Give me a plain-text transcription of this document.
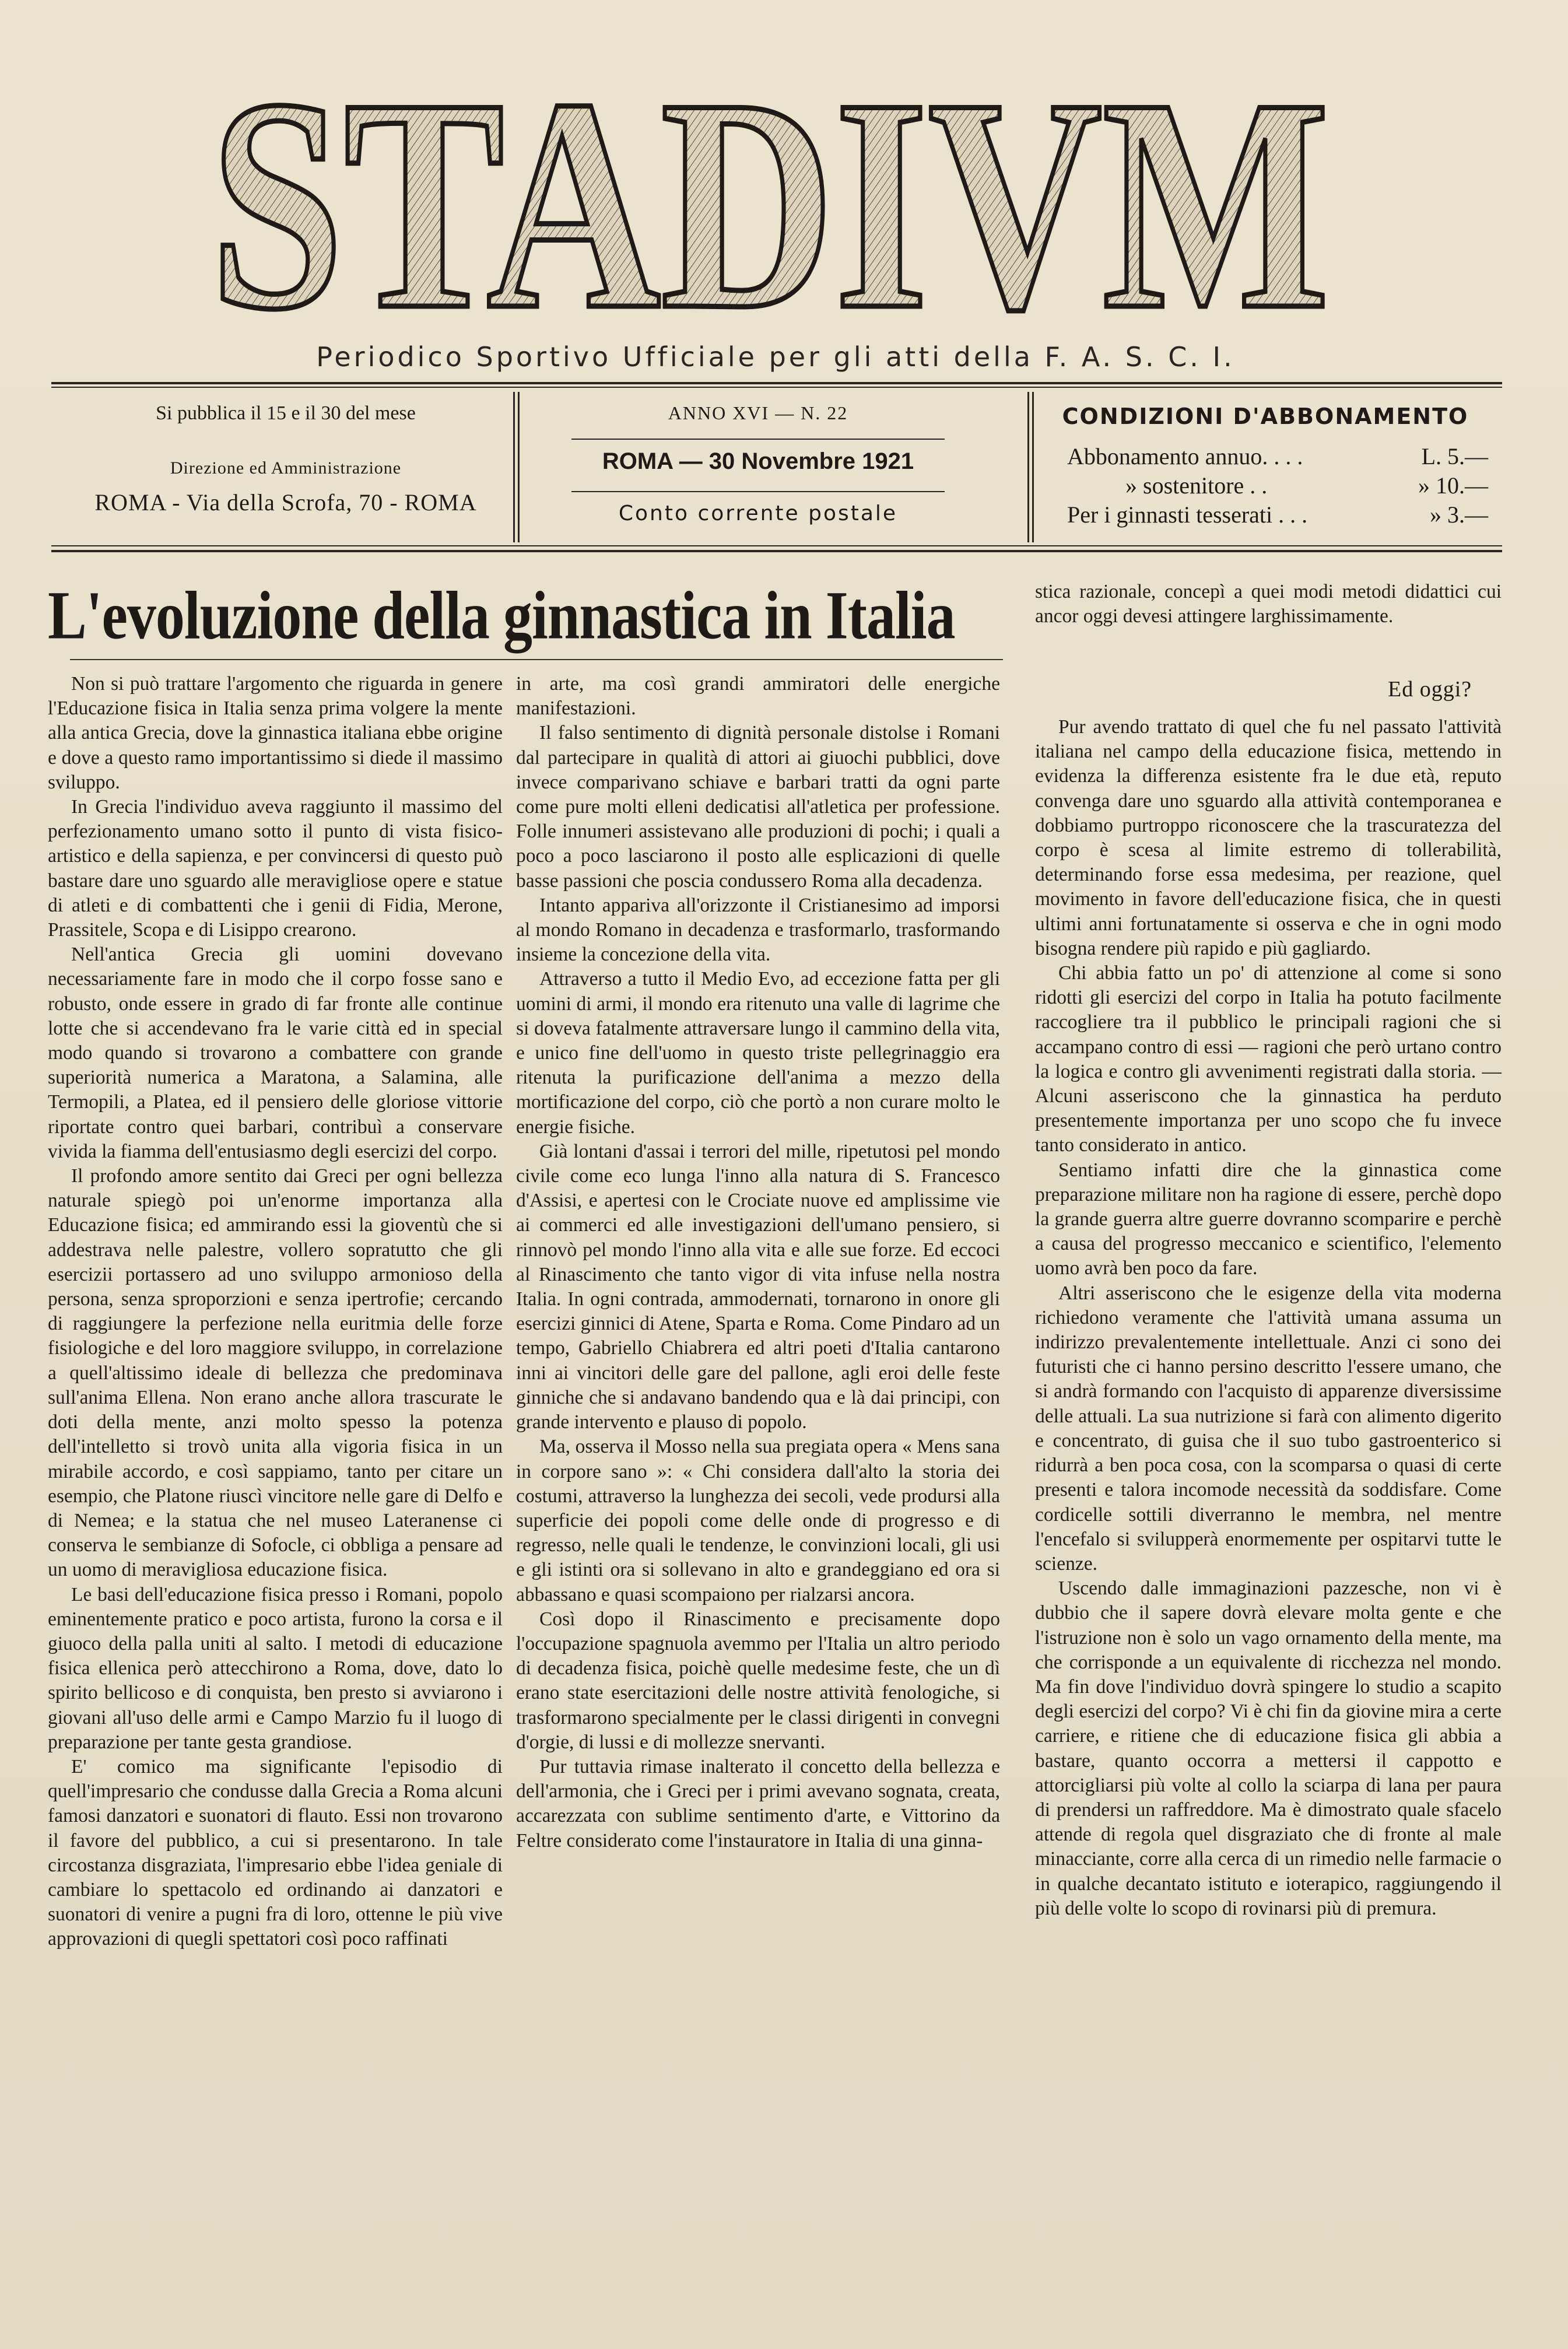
STADIVM
Periodico Sportivo Ufficiale per gli atti della F. A. S. C. I.
Si pubblica il 15 e il 30 del mese
Direzione ed Amministrazione
ROMA - Via della Scrofa, 70 - ROMA
ANNO XVI — N. 22
ROMA — 30 Novembre 1921
Conto corrente postale
CONDIZIONI D'ABBONAMENTO
Abbonamento annuo. . . .	L. 5.—
» sostenitore . .	» 10.—
Per i ginnasti tesserati . . .	» 3.—
L'evoluzione della ginnastica in Italia

Non si può trattare l'argomento che riguarda in genere l'Educazione fisica in Italia senza prima volgere la mente alla antica Grecia, dove la ginnastica italiana ebbe origine e dove a questo ramo importantissimo si diede il massimo sviluppo.

In Grecia l'individuo aveva raggiunto il massimo del perfezionamento umano sotto il punto di vista fisico-artistico e della sapienza, e per convincersi di questo può bastare dare uno sguardo alle meravigliose opere e statue di atleti e di combattenti che i genii di Fidia, Merone, Prassitele, Scopa e di Lisippo crearono.

Nell'antica Grecia gli uomini dovevano necessariamente fare in modo che il corpo fosse sano e robusto, onde essere in grado di far fronte alle continue lotte che si accendevano fra le varie città ed in special modo quando si trovarono a combattere con grande superiorità numerica a Maratona, a Salamina, alle Termopili, a Platea, ed il pensiero delle gloriose vittorie riportate contro quei barbari, contribuì a conservare vivida la fiamma dell'entusiasmo degli esercizi del corpo.

Il profondo amore sentito dai Greci per ogni bellezza naturale spiegò poi un'enorme importanza alla Educazione fisica; ed ammirando essi la gioventù che si addestrava nelle palestre, vollero sopratutto che gli esercizii portassero ad uno sviluppo armonioso della persona, senza sproporzioni e senza ipertrofie; cercando di raggiungere la perfezione nella euritmia delle forze fisiologiche e del loro maggiore sviluppo, in correlazione a quell'altissimo ideale di bellezza che predominava sull'anima Ellena. Non erano anche allora trascurate le doti della mente, anzi molto spesso la potenza dell'intelletto si trovò unita alla vigoria fisica in un mirabile accordo, e così sappiamo, tanto per citare un esempio, che Platone riuscì vincitore nelle gare di Delfo e di Nemea; e la statua che nel museo Lateranense ci conserva le sembianze di Sofocle, ci obbliga a pensare ad un uomo di meravigliosa educazione fisica.

Le basi dell'educazione fisica presso i Romani, popolo eminentemente pratico e poco artista, furono la corsa e il giuoco della palla uniti al salto. I metodi di educazione fisica ellenica però attecchirono a Roma, dove, dato lo spirito bellicoso e di conquista, ben presto si avviarono i giovani all'uso delle armi e Campo Marzio fu il luogo di preparazione per tante gesta grandiose.

E' comico ma significante l'episodio di quell'impresario che condusse dalla Grecia a Roma alcuni famosi danzatori e suonatori di flauto. Essi non trovarono il favore del pubblico, a cui si presentarono. In tale circostanza disgraziata, l'impresario ebbe l'idea geniale di cambiare lo spettacolo ed ordinando ai danzatori e suonatori di venire a pugni fra di loro, ottenne le più vive approvazioni di quegli spettatori così poco raffinati

in arte, ma così grandi ammiratori delle energiche manifestazioni.

Il falso sentimento di dignità personale distolse i Romani dal partecipare in qualità di attori ai giuochi pubblici, dove invece comparivano schiave e barbari tratti da ogni parte come pure molti elleni dedicatisi all'atletica per professione. Folle innumeri assistevano alle produzioni di pochi; i quali a poco a poco lasciarono il posto alle esplicazioni di quelle basse passioni che poscia condussero Roma alla decadenza.

Intanto appariva all'orizzonte il Cristianesimo ad imporsi al mondo Romano in decadenza e trasformarlo, trasformando insieme la concezione della vita.

Attraverso a tutto il Medio Evo, ad eccezione fatta per gli uomini di armi, il mondo era ritenuto una valle di lagrime che si doveva fatalmente attraversare lungo il cammino della vita, e unico fine dell'uomo in questo triste pellegrinaggio era ritenuta la purificazione dell'anima a mezzo della mortificazione del corpo, ciò che portò a non curare molto le energie fisiche.

Già lontani d'assai i terrori del mille, ripetutosi pel mondo civile come eco lunga l'inno alla natura di S. Francesco d'Assisi, e apertesi con le Crociate nuove ed amplissime vie ai commerci ed alle investigazioni dell'umano pensiero, si rinnovò pel mondo l'inno alla vita e alle sue forze. Ed eccoci al Rinascimento che tanto vigor di vita infuse nella nostra Italia. In ogni contrada, ammodernati, tornarono in onore gli esercizi ginnici di Atene, Sparta e Roma. Come Pindaro ad un tempo, Gabriello Chiabrera ed altri poeti d'Italia cantarono inni ai vincitori delle gare del pallone, agli eroi delle feste ginniche che si andavano bandendo qua e là dai principi, con grande intervento e plauso di popolo.

Ma, osserva il Mosso nella sua pregiata opera « Mens sana in corpore sano »: « Chi considera dall'alto la storia dei costumi, attraverso la lunghezza dei secoli, vede prodursi alla superficie dei popoli come delle onde di progresso e di regresso, nelle quali le tendenze, le convinzioni locali, gli usi e gli istinti ora si sollevano in alto e grandeggiano ed ora si abbassano e quasi scompaiono per rialzarsi ancora.

Così dopo il Rinascimento e precisamente dopo l'occupazione spagnuola avemmo per l'Italia un altro periodo di decadenza fisica, poichè quelle medesime feste, che un dì erano state esercitazioni delle nostre attività fenologiche, si trasformarono specialmente per le classi dirigenti in convegni d'orgie, di lussi e di mollezze snervanti.

Pur tuttavia rimase inalterato il concetto della bellezza e dell'armonia, che i Greci per i primi avevano sognata, creata, accarezzata con sublime sentimento d'arte, e Vittorino da Feltre considerato come l'instauratore in Italia di una ginna-

stica razionale, concepì a quei modi metodi didattici cui ancor oggi devesi attingere larghissimamente.

Ed oggi?

Pur avendo trattato di quel che fu nel passato l'attività italiana nel campo della educazione fisica, mettendo in evidenza la differenza esistente fra le due età, reputo convenga dare uno sguardo alla attività contemporanea e dobbiamo purtroppo riconoscere che la trascuratezza del corpo è scesa al limite estremo di tollerabilità, determinando forse essa medesima, per reazione, quel movimento in favore dell'educazione fisica, che in questi ultimi anni fortunatamente si osserva e che in ogni modo bisogna rendere più rapido e più gagliardo.

Chi abbia fatto un po' di attenzione al come si sono ridotti gli esercizi del corpo in Italia ha potuto facilmente raccogliere tra il pubblico le principali ragioni che si accampano contro di essi — ragioni che però urtano contro la logica e contro gli avvenimenti registrati dalla storia. — Alcuni asseriscono che la ginnastica ha perduto presentemente importanza per uno scopo che fu invece tanto considerato in antico.

Sentiamo infatti dire che la ginnastica come preparazione militare non ha ragione di essere, perchè dopo la grande guerra altre guerre dovranno scomparire e perchè a causa del progresso meccanico e scientifico, l'elemento uomo avrà ben poco da fare.

Altri asseriscono che le esigenze della vita moderna richiedono veramente che l'attività umana assuma un indirizzo prevalentemente intellettuale. Anzi ci sono dei futuristi che ci hanno persino descritto l'essere umano, che si andrà formando con l'acquisto di apparenze diversissime delle attuali. La sua nutrizione si farà con alimento digerito e concentrato, di guisa che il suo tubo gastroenterico si ridurrà a ben poca cosa, con la scomparsa o quasi di certe presenti e talora incomode necessità da soddisfare. Come cordicelle sottili diverranno le membra, nel mentre l'encefalo si svilupperà enormemente per ospitarvi tutte le scienze.

Uscendo dalle immaginazioni pazzesche, non vi è dubbio che il sapere dovrà elevare molta gente e che l'istruzione non è solo un vago ornamento della mente, ma che corrisponde a un equivalente di ricchezza nel mondo. Ma fin dove l'individuo dovrà spingere lo studio a scapito degli esercizi del corpo? Vi è chi fin da giovine mira a certe carriere, e ritiene che di educazione fisica gli abbia a bastare, quanto occorra a mettersi il cappotto e attorcigliarsi più volte al collo la sciarpa di lana per paura di prendersi un raffreddore. Ma è dimostrato quale sfacelo attende di regola quel disgraziato che di fronte al male minacciante, corre alla cerca di un rimedio nelle farmacie o in qualche decantato istituto e ioterapico, raggiungendo il più delle volte lo scopo di rovinarsi più di premura.
